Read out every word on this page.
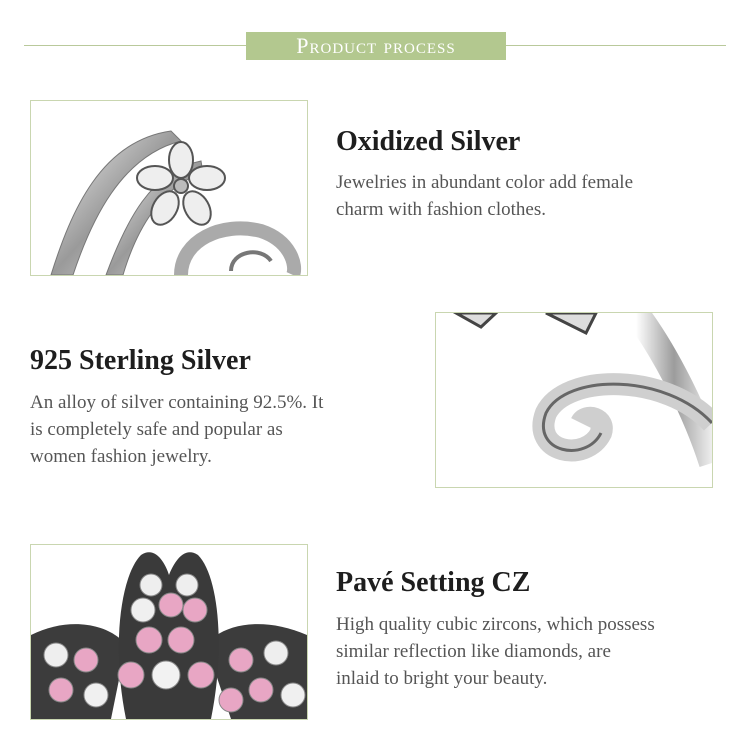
Product process
Oxidized Silver

Jewelries in abundant color add female

charm with fashion clothes.

925 Sterling Silver

An alloy of silver containing 92.5%. It

is completely safe and popular as

women fashion jewelry.

Pavé Setting CZ

High quality cubic zircons, which possess

similar reflection like diamonds, are

inlaid to bright your beauty.
